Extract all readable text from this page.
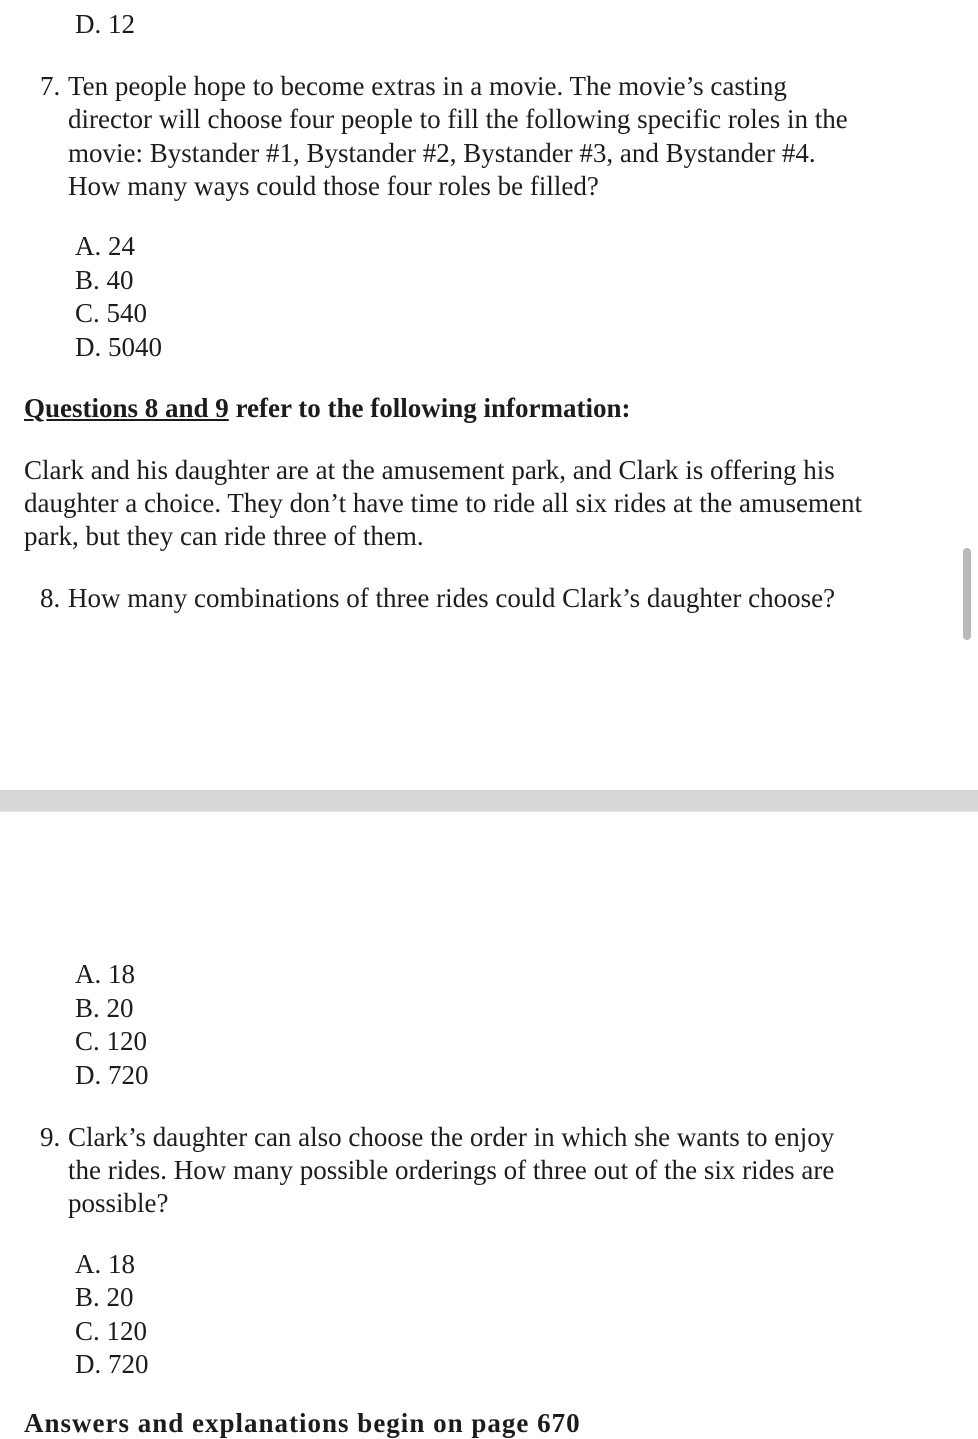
D. 12
7. Ten people hope to become extras in a movie. The movie’s casting
director will choose four people to fill the following specific roles in the
movie: Bystander #1, Bystander #2, Bystander #3, and Bystander #4.
How many ways could those four roles be filled?
A. 24
B. 40
C. 540
D. 5040
Questions 8 and 9 refer to the following information:
Clark and his daughter are at the amusement park, and Clark is offering his
daughter a choice. They don’t have time to ride all six rides at the amusement
park, but they can ride three of them.
8. How many combinations of three rides could Clark’s daughter choose?
A. 18
B. 20
C. 120
D. 720
9. Clark’s daughter can also choose the order in which she wants to enjoy
the rides. How many possible orderings of three out of the six rides are
possible?
A. 18
B. 20
C. 120
D. 720
Answers and explanations begin on page 670
